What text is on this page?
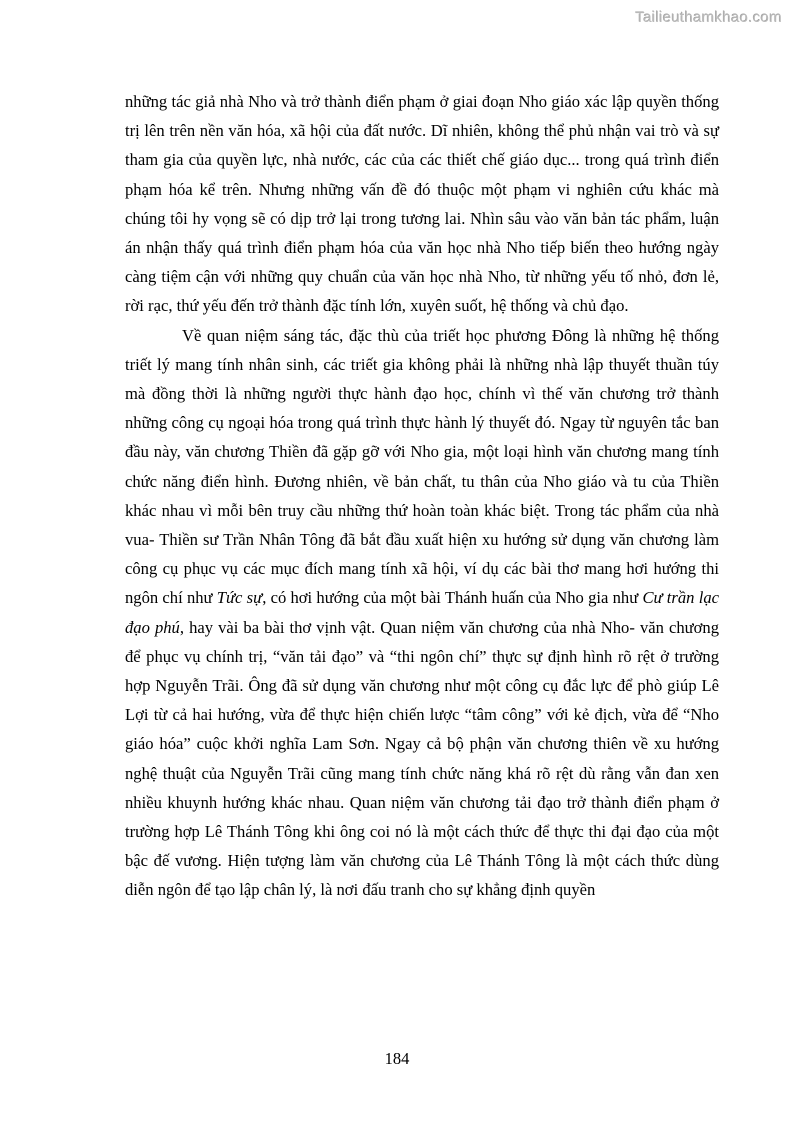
Tailieuthamkhao.com

những tác giả nhà Nho và trở thành điển phạm ở giai đoạn Nho giáo xác lập quyền thống trị lên trên nền văn hóa, xã hội của đất nước. Dĩ nhiên, không thể phủ nhận vai trò và sự tham gia của quyền lực, nhà nước, các của các thiết chế giáo dục... trong quá trình điển phạm hóa kể trên. Nhưng những vấn đề đó thuộc một phạm vi nghiên cứu khác mà chúng tôi hy vọng sẽ có dịp trở lại trong tương lai. Nhìn sâu vào văn bản tác phẩm, luận án nhận thấy quá trình điển phạm hóa của văn học nhà Nho tiếp biến theo hướng ngày càng tiệm cận với những quy chuẩn của văn học nhà Nho, từ những yếu tố nhỏ, đơn lẻ, rời rạc, thứ yếu đến trở thành đặc tính lớn, xuyên suốt, hệ thống và chủ đạo.

Về quan niệm sáng tác, đặc thù của triết học phương Đông là những hệ thống triết lý mang tính nhân sinh, các triết gia không phải là những nhà lập thuyết thuần túy mà đồng thời là những người thực hành đạo học, chính vì thế văn chương trở thành những công cụ ngoại hóa trong quá trình thực hành lý thuyết đó. Ngay từ nguyên tắc ban đầu này, văn chương Thiền đã gặp gỡ với Nho gia, một loại hình văn chương mang tính chức năng điển hình. Đương nhiên, về bản chất, tu thân của Nho giáo và tu của Thiền khác nhau vì mỗi bên truy cầu những thứ hoàn toàn khác biệt. Trong tác phẩm của nhà vua- Thiền sư Trần Nhân Tông đã bắt đầu xuất hiện xu hướng sử dụng văn chương làm công cụ phục vụ các mục đích mang tính xã hội, ví dụ các bài thơ mang hơi hướng thi ngôn chí như Tức sự, có hơi hướng của một bài Thánh huấn của Nho gia như Cư trần lạc đạo phú, hay vài ba bài thơ vịnh vật. Quan niệm văn chương của nhà Nho- văn chương để phục vụ chính trị, “văn tải đạo” và “thi ngôn chí” thực sự định hình rõ rệt ở trường hợp Nguyễn Trãi. Ông đã sử dụng văn chương như một công cụ đắc lực để phò giúp Lê Lợi từ cả hai hướng, vừa để thực hiện chiến lược “tâm công” với kẻ địch, vừa để “Nho giáo hóa” cuộc khởi nghĩa Lam Sơn. Ngay cả bộ phận văn chương thiên về xu hướng nghệ thuật của Nguyễn Trãi cũng mang tính chức năng khá rõ rệt dù rằng vẫn đan xen nhiều khuynh hướng khác nhau. Quan niệm văn chương tải đạo trở thành điển phạm ở trường hợp Lê Thánh Tông khi ông coi nó là một cách thức để thực thi đại đạo của một bậc đế vương. Hiện tượng làm văn chương của Lê Thánh Tông là một cách thức dùng diễn ngôn để tạo lập chân lý, là nơi đấu tranh cho sự khẳng định quyền

184
